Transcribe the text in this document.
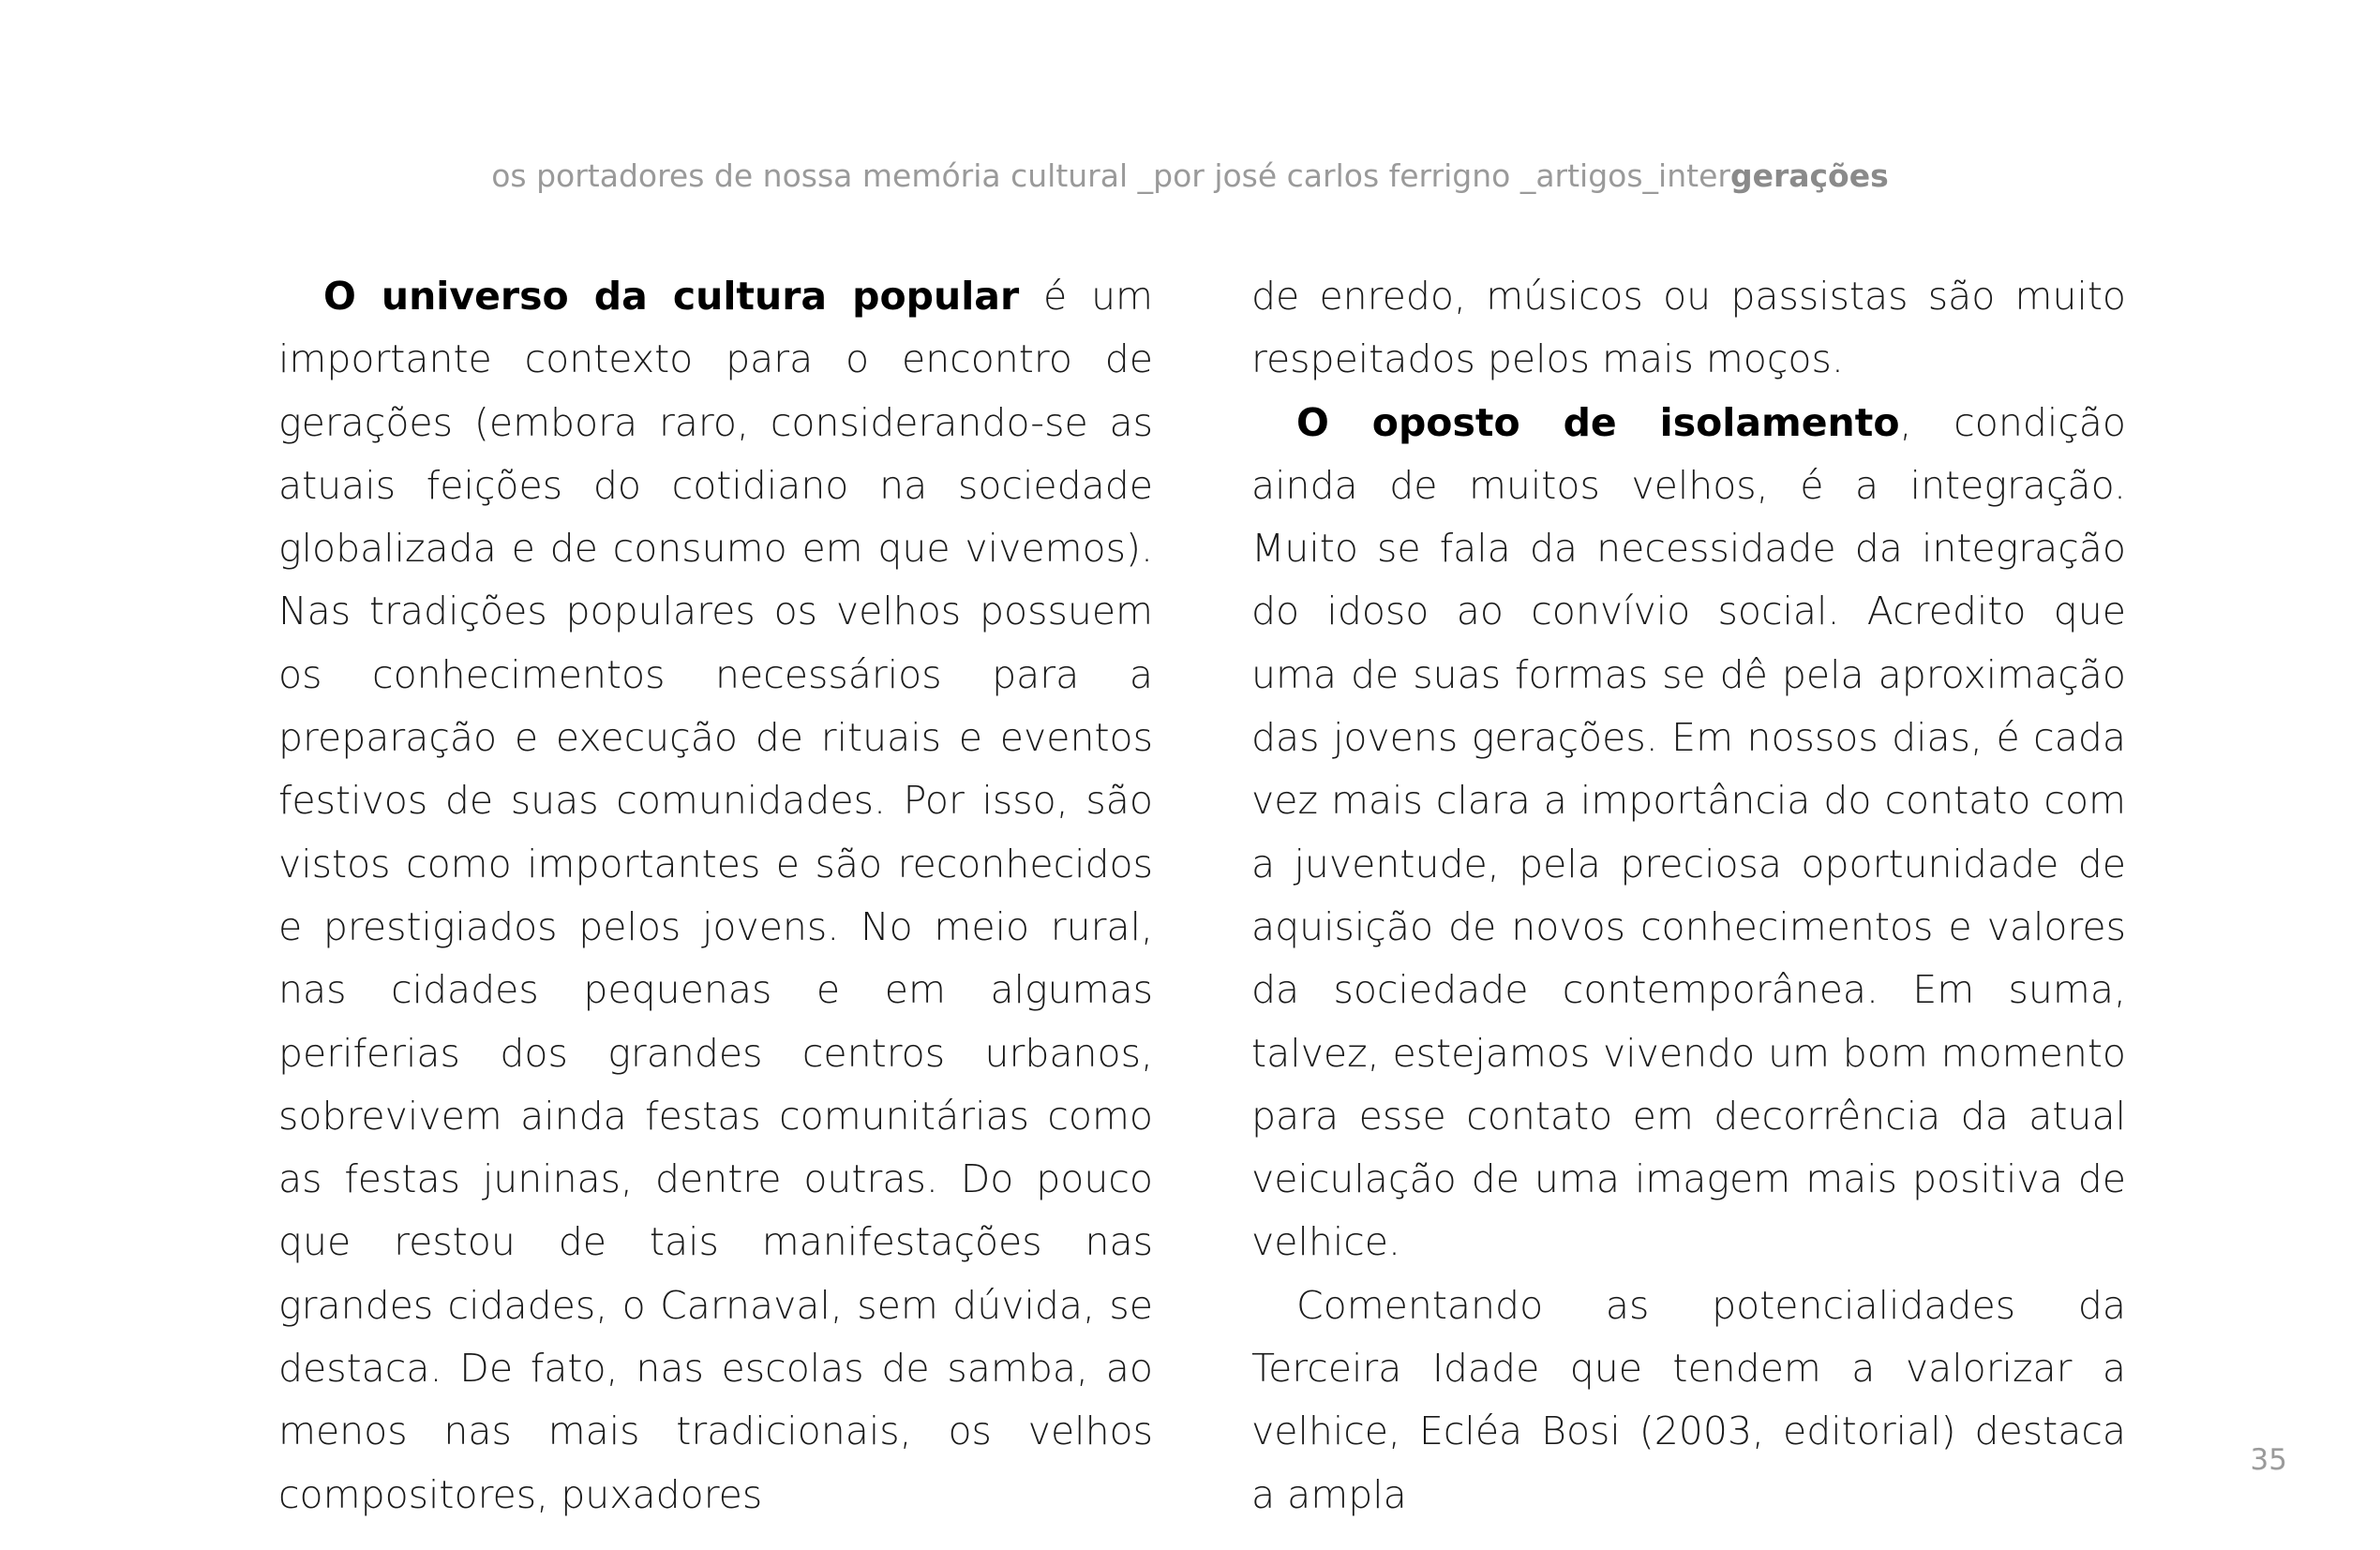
os portadores de nossa memória cultural _por josé carlos ferrigno _artigos_intergerações

O universo da cultura popular é um importante contexto para o encontro de gerações (embora raro, considerando-se as atuais feições do cotidiano na sociedade globalizada e de consumo em que vivemos). Nas tradições populares os velhos possuem os conhecimentos necessários para a preparação e execução de rituais e eventos festivos de suas comunidades. Por isso, são vistos como importantes e são reconhecidos e prestigiados pelos jovens. No meio rural, nas cidades pequenas e em algumas periferias dos grandes centros urbanos, sobrevivem ainda festas comunitárias como as festas juninas, dentre outras. Do pouco que restou de tais manifestações nas grandes cidades, o Carnaval, sem dúvida, se destaca. De fato, nas escolas de samba, ao menos nas mais tradicionais, os velhos compositores, puxadores

de enredo, músicos ou passistas são muito respeitados pelos mais moços.

O oposto de isolamento, condição ainda de muitos velhos, é a integração. Muito se fala da necessidade da integração do idoso ao convívio social. Acredito que uma de suas formas se dê pela aproximação das jovens gerações. Em nossos dias, é cada vez mais clara a importância do contato com a juventude, pela preciosa oportunidade de aquisição de novos conhecimentos e valores da sociedade contemporânea. Em suma, talvez, estejamos vivendo um bom momento para esse contato em decorrência da atual veiculação de uma imagem mais positiva de velhice.

Comentando as potencialidades da Terceira Idade que tendem a valorizar a velhice, Ecléa Bosi (2003, editorial) destaca a ampla

35
